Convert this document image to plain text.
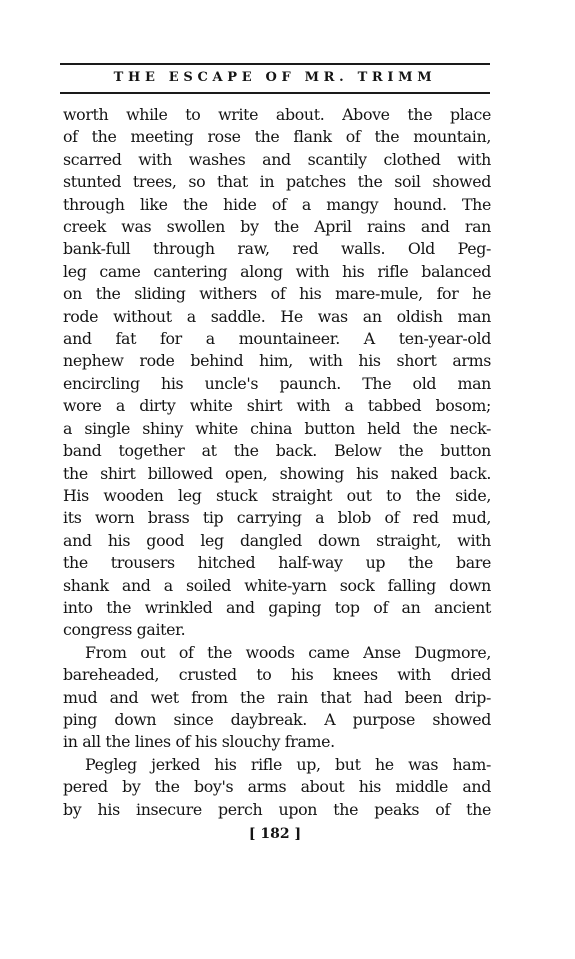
THE ESCAPE OF MR. TRIMM
worth while to write about. Above the place
of the meeting rose the flank of the mountain,
scarred with washes and scantily clothed with
stunted trees, so that in patches the soil showed
through like the hide of a mangy hound. The
creek was swollen by the April rains and ran
bank-full through raw, red walls. Old Peg-
leg came cantering along with his rifle balanced
on the sliding withers of his mare-mule, for he
rode without a saddle. He was an oldish man
and fat for a mountaineer. A ten-year-old
nephew rode behind him, with his short arms
encircling his uncle's paunch. The old man
wore a dirty white shirt with a tabbed bosom;
a single shiny white china button held the neck-
band together at the back. Below the button
the shirt billowed open, showing his naked back.
His wooden leg stuck straight out to the side,
its worn brass tip carrying a blob of red mud,
and his good leg dangled down straight, with
the trousers hitched half-way up the bare
shank and a soiled white-yarn sock falling down
into the wrinkled and gaping top of an ancient
congress gaiter.
From out of the woods came Anse Dugmore,
bareheaded, crusted to his knees with dried
mud and wet from the rain that had been drip-
ping down since daybreak. A purpose showed
in all the lines of his slouchy frame.
Pegleg jerked his rifle up, but he was ham-
pered by the boy's arms about his middle and
by his insecure perch upon the peaks of the
[ 182 ]
